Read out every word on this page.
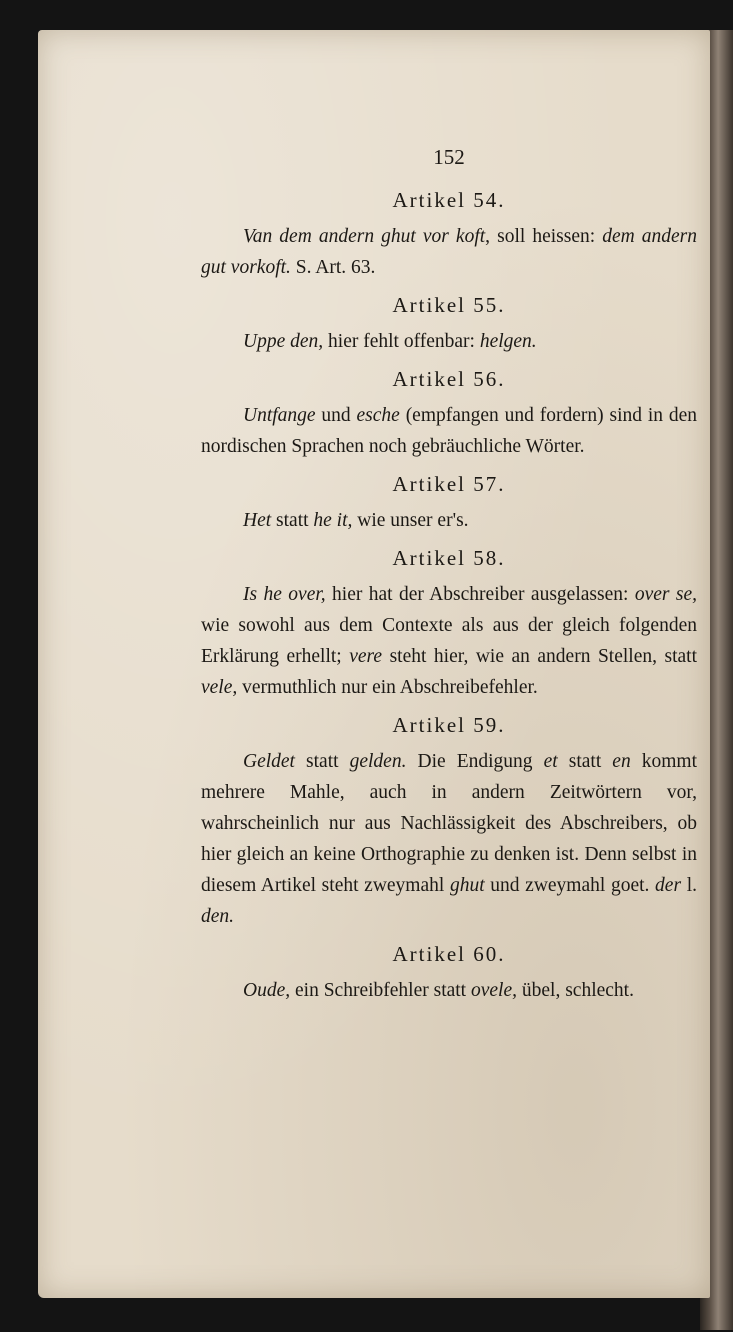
152
Artikel 54.
Van dem andern ghut vor koft, soll heissen: dem andern gut vorkoft. S. Art. 63.
Artikel 55.
Uppe den, hier fehlt offenbar: helgen.
Artikel 56.
Untfange und esche (empfangen und fordern) sind in den nordischen Sprachen noch gebräuchliche Wörter.
Artikel 57.
Het statt he it, wie unser er's.
Artikel 58.
Is he over, hier hat der Abschreiber ausgelassen: over se, wie sowohl aus dem Contexte als aus der gleich folgenden Erklärung erhellt; vere steht hier, wie an andern Stellen, statt vele, vermuthlich nur ein Abschreibefehler.
Artikel 59.
Geldet statt gelden. Die Endigung et statt en kommt mehrere Mahle, auch in andern Zeitwörtern vor, wahrscheinlich nur aus Nachlässigkeit des Abschreibers, ob hier gleich an keine Orthographie zu denken ist. Denn selbst in diesem Artikel steht zweymahl ghut und zweymahl goet. der l. den.
Artikel 60.
Oude, ein Schreibfehler statt ovele, übel, schlecht.
